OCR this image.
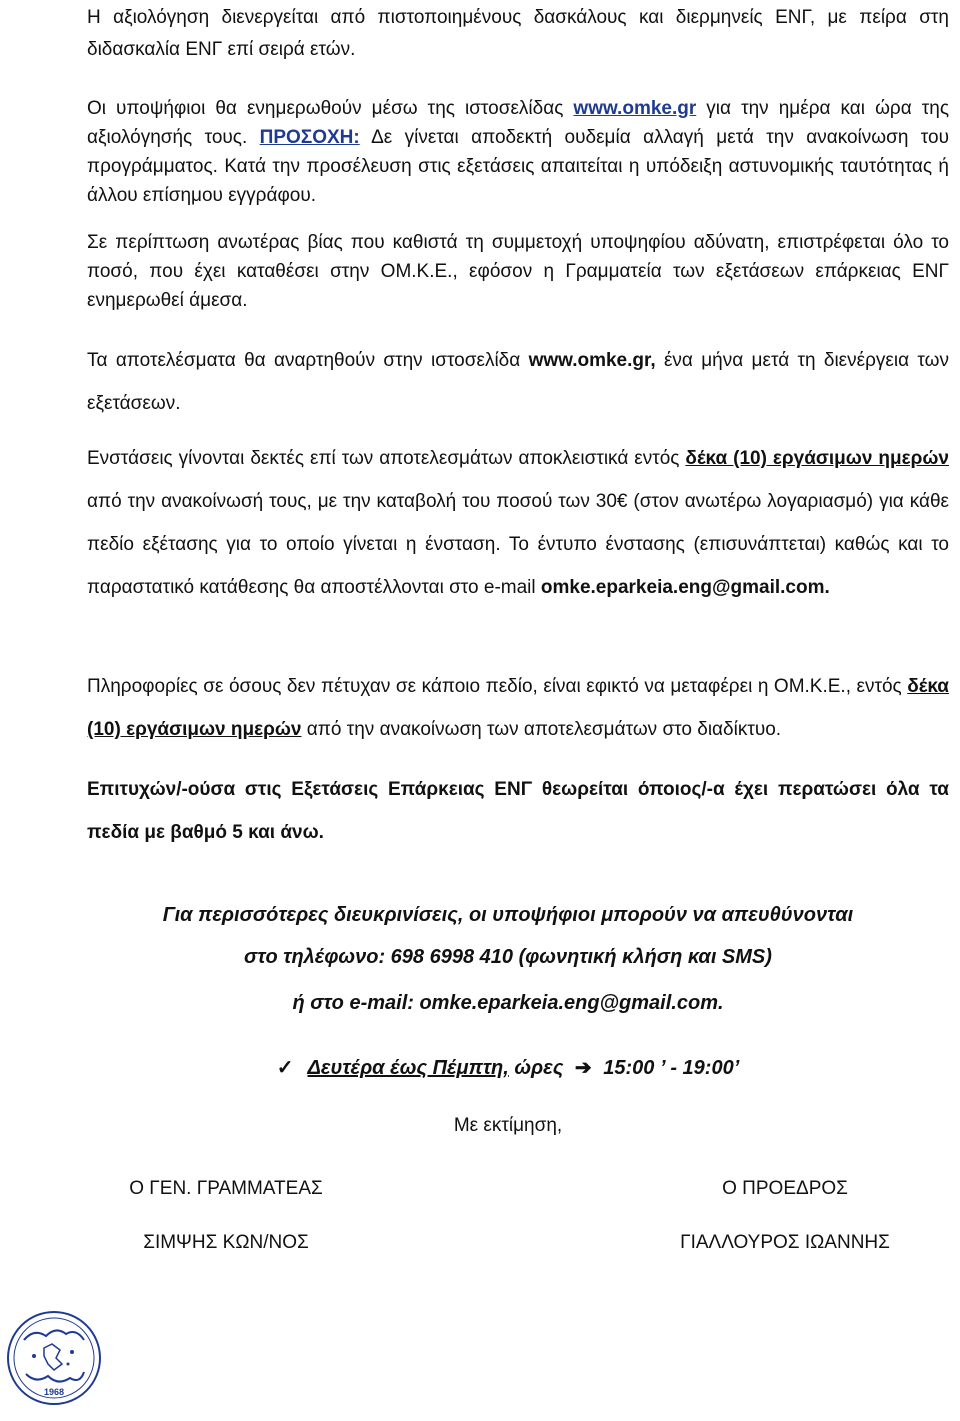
Η αξιολόγηση διενεργείται από πιστοποιημένους δασκάλους και διερμηνείς ΕΝΓ, με πείρα στη διδασκαλία ΕΝΓ επί σειρά ετών.

Οι υποψήφιοι θα ενημερωθούν μέσω της ιστοσελίδας www.omke.gr για την ημέρα και ώρα της αξιολόγησής τους. ΠΡΟΣΟΧΗ: Δε γίνεται αποδεκτή ουδεμία αλλαγή μετά την ανακοίνωση του προγράμματος. Κατά την προσέλευση στις εξετάσεις απαιτείται η υπόδειξη αστυνομικής ταυτότητας ή άλλου επίσημου εγγράφου.

Σε περίπτωση ανωτέρας βίας που καθιστά τη συμμετοχή υποψηφίου αδύνατη, επιστρέφεται όλο το ποσό, που έχει καταθέσει στην ΟΜ.Κ.Ε., εφόσον η Γραμματεία των εξετάσεων επάρκειας ΕΝΓ ενημερωθεί άμεσα.

Τα αποτελέσματα θα αναρτηθούν στην ιστοσελίδα www.omke.gr, ένα μήνα μετά τη διενέργεια των εξετάσεων.

Ενστάσεις γίνονται δεκτές επί των αποτελεσμάτων αποκλειστικά εντός δέκα (10) εργάσιμων ημερών από την ανακοίνωσή τους, με την καταβολή του ποσού των 30€ (στον ανωτέρω λογαριασμό) για κάθε πεδίο εξέτασης για το οποίο γίνεται η ένσταση. Το έντυπο ένστασης (επισυνάπτεται) καθώς και το παραστατικό κατάθεσης θα αποστέλλονται στο e-mail omke.eparkeia.eng@gmail.com.

Πληροφορίες σε όσους δεν πέτυχαν σε κάποιο πεδίο, είναι εφικτό να μεταφέρει η ΟΜ.Κ.Ε., εντός δέκα (10) εργάσιμων ημερών από την ανακοίνωση των αποτελεσμάτων στο διαδίκτυο.

Επιτυχών/-ούσα στις Εξετάσεις Επάρκειας ΕΝΓ θεωρείται όποιος/-α έχει περατώσει όλα τα πεδία με βαθμό 5 και άνω.

Για περισσότερες διευκρινίσεις, οι υποψήφιοι μπορούν να απευθύνονται

στο τηλέφωνο: 698 6998 410 (φωνητική κλήση και SMS)

ή στο e-mail: omke.eparkeia.eng@gmail.com.

✓ Δευτέρα έως Πέμπτη, ώρες ➔ 15:00 ’ - 19:00’

Με εκτίμηση,

Ο ΓΕΝ. ΓΡΑΜΜΑΤΕΑΣ
ΣΙΜΨΗΣ ΚΩΝ/ΝΟΣ
Ο ΠΡΟΕΔΡΟΣ
ΓΙΑΛΛΟΥΡΟΣ ΙΩΑΝΝΗΣ
1968
